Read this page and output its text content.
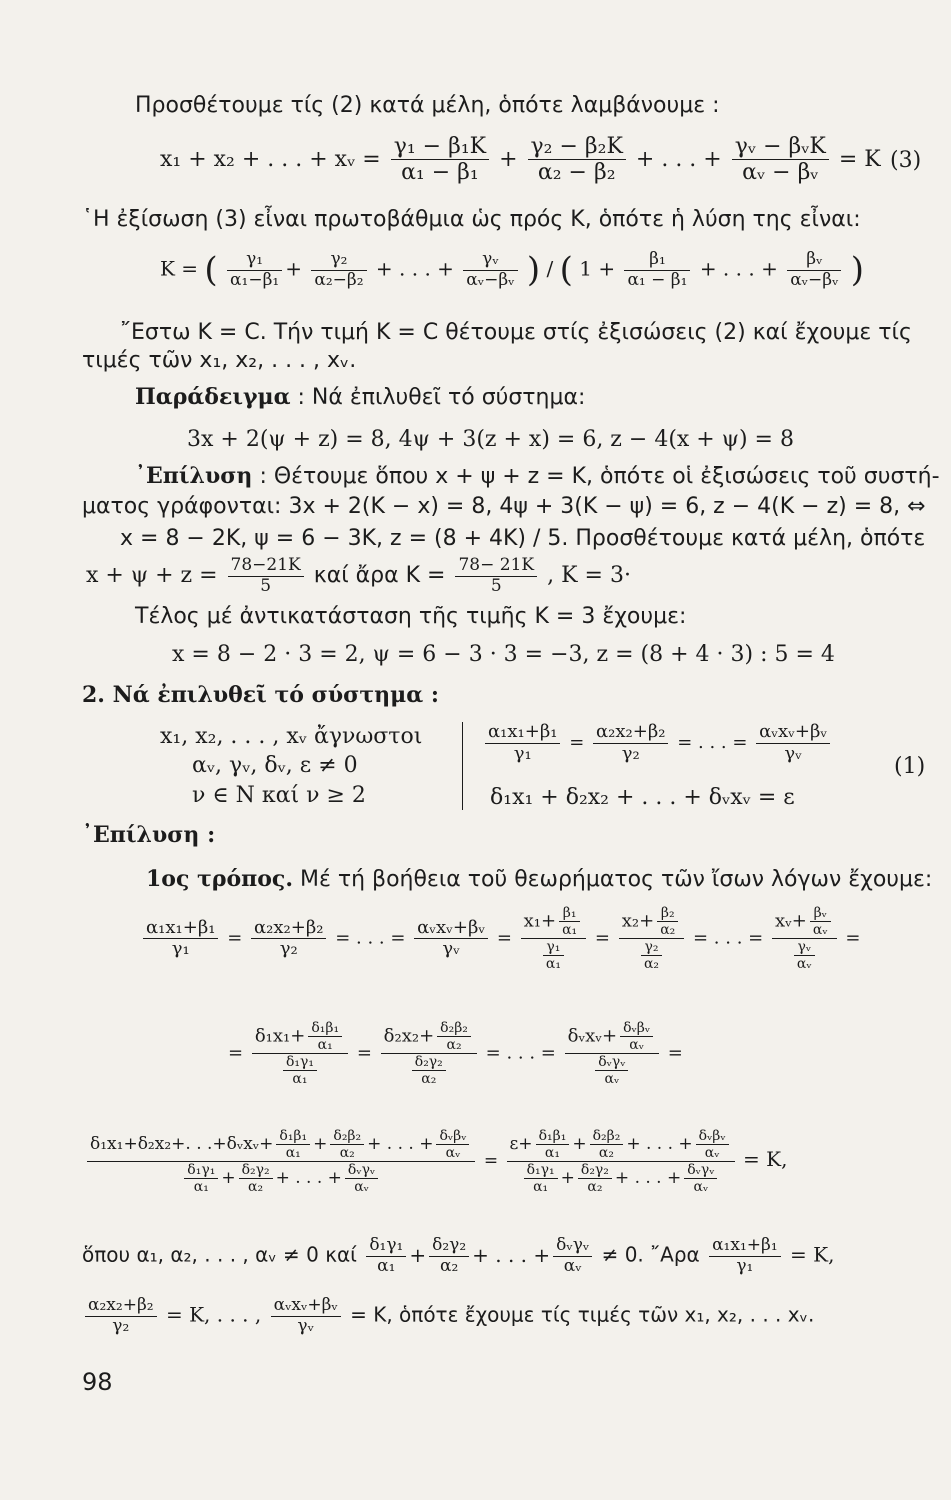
Προσθέτουμε τίς (2) κατά μέλη, ὁπότε λαμβάνουμε :
x₁ + x₂ + . . . + xᵥ = $\frac{\text{γ₁ − β₁K}}{\text{α₁ − β₁}} + \frac{\text{γ₂ − β₂K}}{\text{α₂ − β₂}}$ + . . . + $\frac{\text{γᵥ − βᵥK}}{\text{αᵥ − βᵥ}} = K$ (3)
῾Η ἐξίσωση (3) εἶναι πρωτοβάθμια ὡς πρός K, ὁπότε ἡ λύση της εἶναι:
K = ( $\frac{\text{γ₁}}{\text{α₁−β₁}} + \frac{\text{γ₂}}{\text{α₂−β₂}}$ + . . . + $\frac{\text{γᵥ}}{\text{αᵥ−βᵥ}}$ ) / ( $1 + \frac{\text{β₁}}{\text{α₁ − β₁}}$ + . . . + $\frac{\text{βᵥ}}{\text{αᵥ−βᵥ}}$ )
῎Εστω K = C. Τήν τιμή K = C θέτουμε στίς ἐξισώσεις (2) καί ἔχουμε τίς
τιμές τῶν x₁, x₂, . . . , xᵥ.
Παράδειγμα : Νά ἐπιλυθεῖ τό σύστημα:
3x + 2(ψ + z) = 8, 4ψ + 3(z + x) = 6, z − 4(x + ψ) = 8
᾿Επίλυση : Θέτουμε ὅπου x + ψ + z = K, ὁπότε οἱ ἐξισώσεις τοῦ συστή-
ματος γράφονται: 3x + 2(K − x) = 8, 4ψ + 3(K − ψ) = 6, z − 4(K − z) = 8, ⇔
x = 8 − 2K, ψ = 6 − 3K, z = (8 + 4K) / 5. Προσθέτουμε κατά μέλη, ὁπότε
$x + \psi + z = \frac{78-21K}{5}$ καί ἄρα $K = \frac{78- 21K}{5}$ , K = 3·
Τέλος μέ ἀντικατάσταση τῆς τιμῆς K = 3 ἔχουμε:
x = 8 − 2 · 3 = 2, ψ = 6 − 3 · 3 = −3, z = (8 + 4 · 3) : 5 = 4
2. Νά ἐπιλυθεῖ τό σύστημα :
x₁, x₂, . . . , xᵥ ἄγνωστοι
αᵥ, γᵥ, δᵥ, ε ≠ 0
ν ∈ N καί ν ≥ 2
$\frac{\text{α₁x₁+β₁}}{\text{γ₁}} = \frac{\text{α₂x₂+β₂}}{\text{γ₂}}$ = . . . = $\frac{\text{αᵥxᵥ+βᵥ}}{\text{γᵥ}}$
(1)
δ₁x₁ + δ₂x₂ + . . . + δᵥxᵥ = ε
᾿Επίλυση :
1ος τρόπος. Μέ τή βοήθεια τοῦ θεωρήματος τῶν ἴσων λόγων ἔχουμε:
$\frac{\text{α₁x₁+β₁}}{\text{γ₁}} = \frac{\text{α₂x₂+β₂}}{\text{γ₂}}$ = . . . = $\frac{\text{αᵥxᵥ+βᵥ}}{\text{γᵥ}} = \frac{x_1+ \frac{\text{β₁}}{\text{α₁}}}{\frac{\text{γ₁}}{\text{α₁}}} = \frac{x_2+ \frac{\text{β₂}}{\text{α₂}}}{\frac{\text{γ₂}}{\text{α₂}}}$ = . . . = $\frac{xᵥ+ \frac{\text{βᵥ}}{\text{αᵥ}}}{\frac{\text{γᵥ}}{\text{αᵥ}}}$ =
= $\frac{\delta_1x_1+ \frac{\text{δ₁β₁}}{\text{α₁}}}{\frac{\text{δ₁γ₁}}{\text{α₁}}} = \frac{\delta_2x_2+ \frac{\text{δ₂β₂}}{\text{α₂}}}{\frac{\text{δ₂γ₂}}{\text{α₂}}}$ = . . . = $\frac{\delta ᵥxᵥ+ \frac{\text{δᵥβᵥ}}{\text{αᵥ}}}{\frac{\text{δᵥγᵥ}}{\text{αᵥ}}}$ =
$\frac{\delta_1x_1+\delta_2x_2+. . .+\delta ᵥxᵥ+ \frac{\text{δ₁β₁}}{\text{α₁}} + \frac{\text{δ₂β₂}}{\text{α₂}} + . . . + \frac{\text{δᵥβᵥ}}{\text{αᵥ}}}{\frac{\text{δ₁γ₁}}{\text{α₁}} + \frac{\text{δ₂γ₂}}{\text{α₂}} + . . . + \frac{\text{δᵥγᵥ}}{\text{αᵥ}}} = \frac{\varepsilon+ \frac{\text{δ₁β₁}}{\text{α₁}} + \frac{\text{δ₂β₂}}{\text{α₂}} + . . . + \frac{\text{δᵥβᵥ}}{\text{αᵥ}}}{\frac{\text{δ₁γ₁}}{\text{α₁}} + \frac{\text{δ₂γ₂}}{\text{α₂}} + . . . + \frac{\text{δᵥγᵥ}}{\text{αᵥ}}} = K$,
ὅπου α₁, α₂, . . . , αᵥ ≠ 0 καί $\frac{\text{δ₁γ₁}}{\text{α₁}} + \frac{\text{δ₂γ₂}}{\text{α₂}}$ + . . . + $\frac{\text{δᵥγᵥ}}{\text{αᵥ}} \ne 0$. ῎Αρα $\frac{\text{α₁x₁+β₁}}{\text{γ₁}} = K$,
$\frac{\text{α₂x₂+β₂}}{\text{γ₂}} = K$, . . . , $\frac{\text{αᵥxᵥ+βᵥ}}{\text{γᵥ}} = K$, ὁπότε ἔχουμε τίς τιμές τῶν x₁, x₂, . . . xᵥ.
98
